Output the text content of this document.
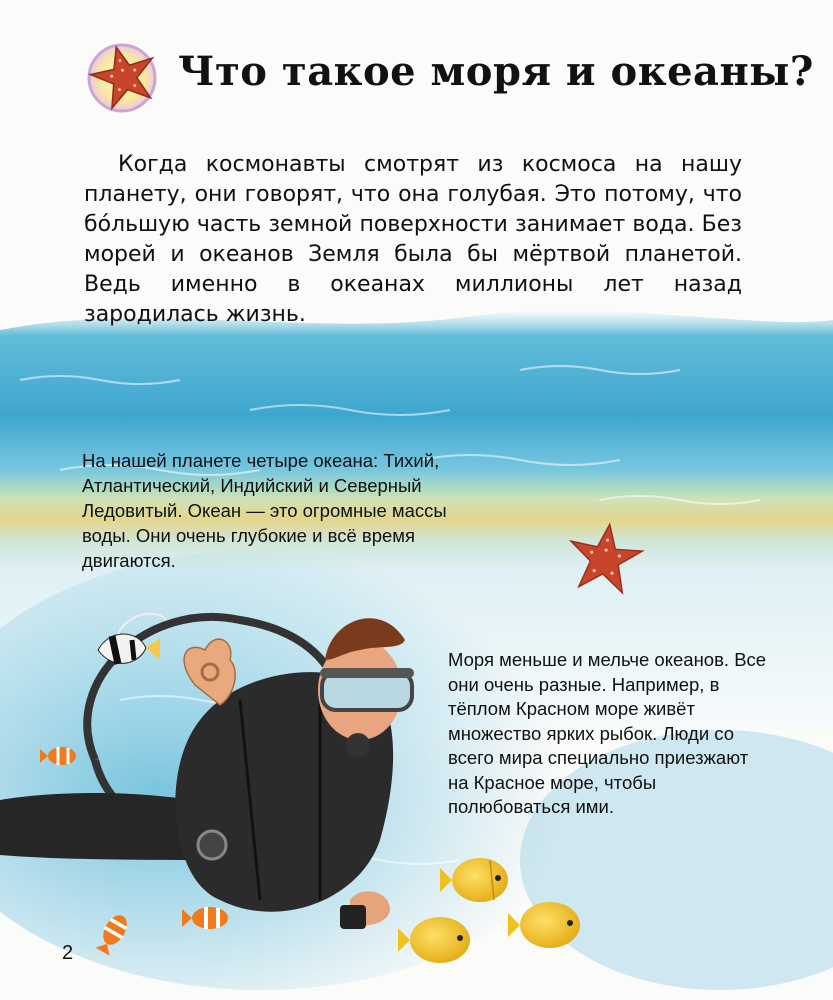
Что такое моря и океаны?

Когда космонавты смотрят из космоса на нашу планету, они говорят, что она голубая. Это потому, что бо́льшую часть земной поверхности занимает вода. Без морей и океанов Земля была бы мёртвой планетой. Ведь именно в океанах миллионы лет назад зародилась жизнь.

На нашей планете четыре океана: Тихий, Атлантический, Индийский и Северный Ледовитый. Океан — это огромные массы воды. Они очень глубокие и всё время двигаются.

Моря меньше и мельче океанов. Все они очень разные. Например, в тёплом Красном море живёт множество ярких рыбок. Люди со всего мира специально приезжают на Красное море, чтобы полюбоваться ими.

2
